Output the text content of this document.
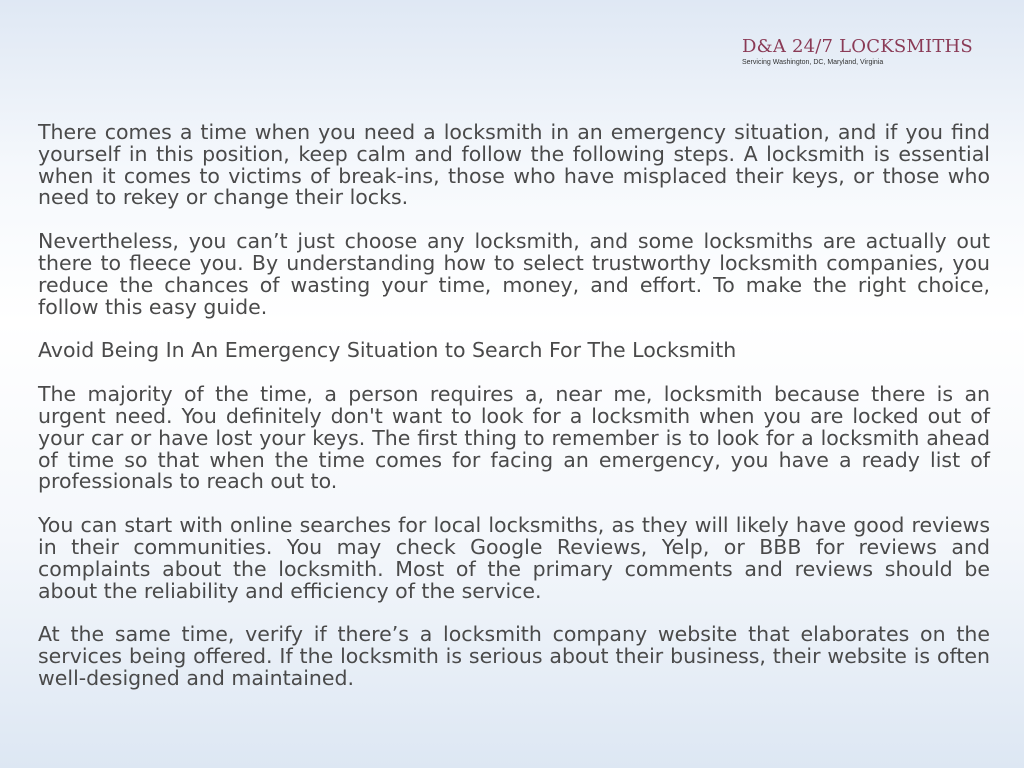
D&A 24/7 LOCKSMITHS
Servicing Washington, DC, Maryland, Virginia

There comes a time when you need a locksmith in an emergency situation, and if you find yourself in this position, keep calm and follow the following steps. A locksmith is essential when it comes to victims of break-ins, those who have misplaced their keys, or those who need to rekey or change their locks.

Nevertheless, you can’t just choose any locksmith, and some locksmiths are actually out there to fleece you. By understanding how to select trustworthy locksmith companies, you reduce the chances of wasting your time, money, and effort. To make the right choice, follow this easy guide.

Avoid Being In An Emergency Situation to Search For The Locksmith

The majority of the time, a person requires a, near me, locksmith because there is an urgent need. You definitely don't want to look for a locksmith when you are locked out of your car or have lost your keys. The first thing to remember is to look for a locksmith ahead of time so that when the time comes for facing an emergency, you have a ready list of professionals to reach out to.

You can start with online searches for local locksmiths, as they will likely have good reviews in their communities. You may check Google Reviews, Yelp, or BBB for reviews and complaints about the locksmith. Most of the primary comments and reviews should be about the reliability and efficiency of the service.

At the same time, verify if there’s a locksmith company website that elaborates on the services being offered. If the locksmith is serious about their business, their website is often well-designed and maintained.
